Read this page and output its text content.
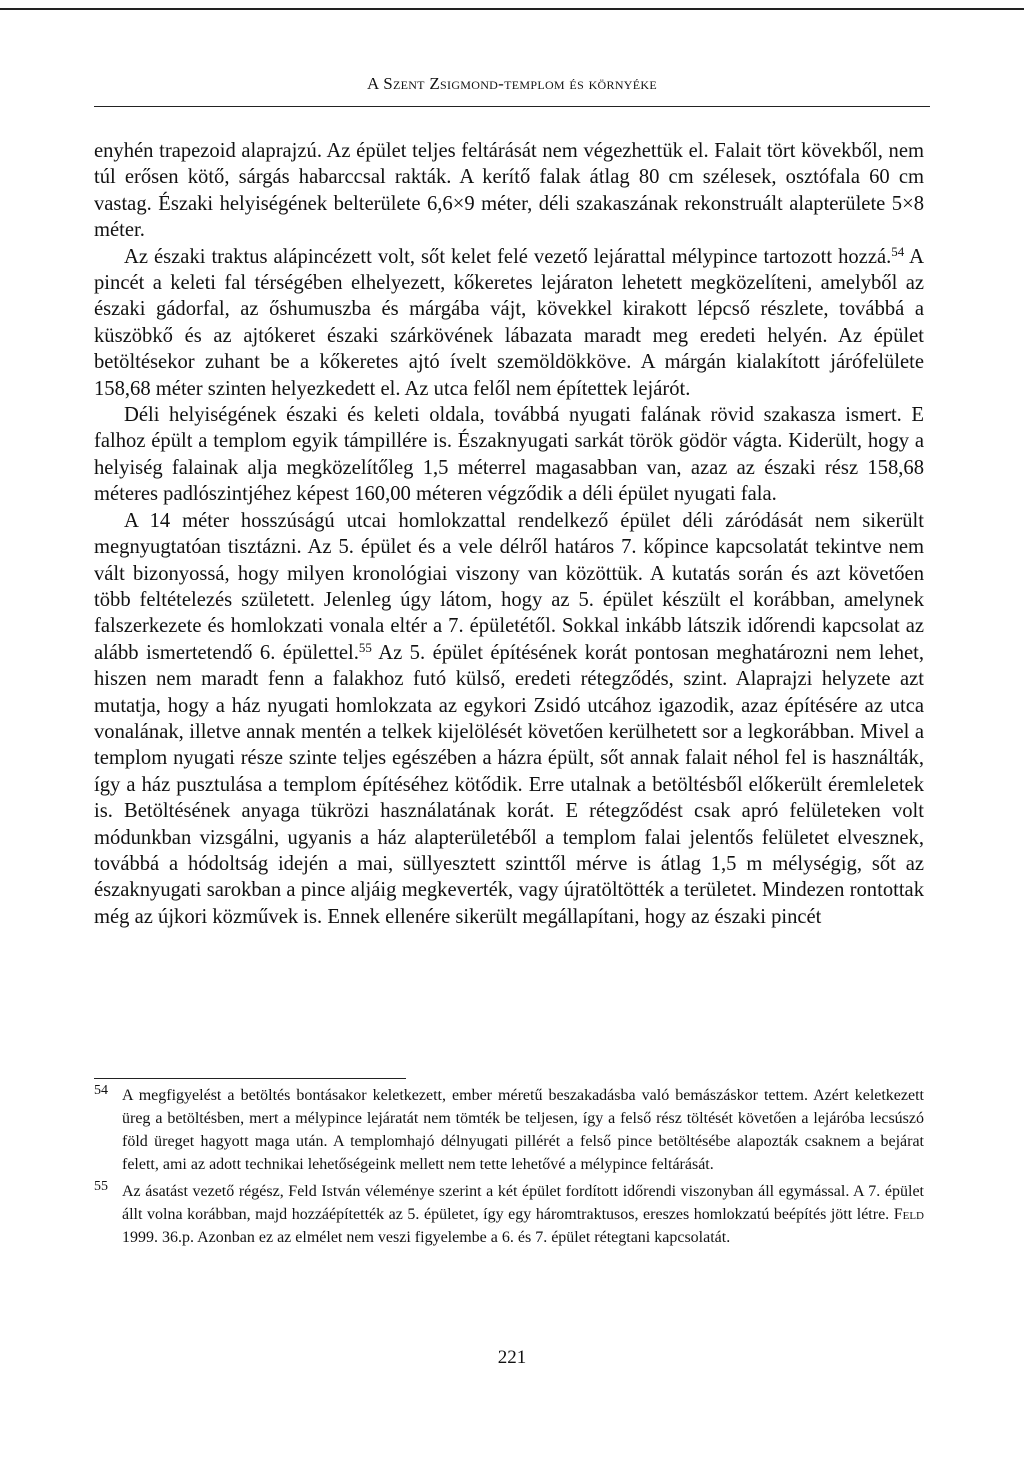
A Szent Zsigmond-templom és környéke

enyhén trapezoid alaprajzú. Az épület teljes feltárását nem végezhettük el. Falait tört kövekből, nem túl erősen kötő, sárgás habarccsal rakták. A kerítő falak átlag 80 cm szélesek, osztófala 60 cm vastag. Északi helyiségének belterülete 6,6×9 méter, déli szakaszának rekonstruált alapterülete 5×8 méter.

Az északi traktus alápincézett volt, sőt kelet felé vezető lejárattal mélypince tartozott hozzá.$^{54}$ A pincét a keleti fal térségében elhelyezett, kőkeretes lejáraton lehetett megközelíteni, amelyből az északi gádorfal, az őshumuszba és márgába vájt, kövekkel kirakott lépcső részlete, továbbá a küszöbkő és az ajtókeret északi szárkövének lábazata maradt meg eredeti helyén. Az épület betöltésekor zuhant be a kőkeretes ajtó ívelt szemöldökköve. A márgán kialakított járófelülete 158,68 méter szinten helyezkedett el. Az utca felől nem építettek lejárót.

Déli helyiségének északi és keleti oldala, továbbá nyugati falának rövid szakasza ismert. E falhoz épült a templom egyik támpillére is. Északnyugati sarkát török gödör vágta. Kiderült, hogy a helyiség falainak alja megközelítőleg 1,5 méterrel magasabban van, azaz az északi rész 158,68 méteres padlószintjéhez képest 160,00 méteren végződik a déli épület nyugati fala.

A 14 méter hosszúságú utcai homlokzattal rendelkező épület déli záródását nem sikerült megnyugtatóan tisztázni. Az 5. épület és a vele délről határos 7. kőpince kapcsolatát tekintve nem vált bizonyossá, hogy milyen kronológiai viszony van közöttük. A kutatás során és azt követően több feltételezés született. Jelenleg úgy látom, hogy az 5. épület készült el korábban, amelynek falszerkezete és homlokzati vonala eltér a 7. épületétől. Sokkal inkább látszik időrendi kapcsolat az alább ismertetendő 6. épülettel.$^{55}$ Az 5. épület építésének korát pontosan meghatározni nem lehet, hiszen nem maradt fenn a falakhoz futó külső, eredeti rétegződés, szint. Alaprajzi helyzete azt mutatja, hogy a ház nyugati homlokzata az egykori Zsidó utcához igazodik, azaz építésére az utca vonalának, illetve annak mentén a telkek kijelölését követően kerülhetett sor a legkorábban. Mivel a templom nyugati része szinte teljes egészében a házra épült, sőt annak falait néhol fel is használták, így a ház pusztulása a templom építéséhez kötődik. Erre utalnak a betöltésből előkerült éremleletek is. Betöltésének anyaga tükrözi használatának korát. E rétegződést csak apró felületeken volt módunkban vizsgálni, ugyanis a ház alapterületéből a templom falai jelentős felületet elvesznek, továbbá a hódoltság idején a mai, süllyesztett szinttől mérve is átlag 1,5 m mélységig, sőt az északnyugati sarokban a pince aljáig megkeverték, vagy újratöltötték a területet. Mindezen rontottak még az újkori közművek is. Ennek ellenére sikerült megállapítani, hogy az északi pincét

54 A megfigyelést a betöltés bontásakor keletkezett, ember méretű beszakadásba való bemászáskor tettem. Azért keletkezett üreg a betöltésben, mert a mélypince lejáratát nem tömték be teljesen, így a felső rész töltését követően a lejáróba lecsúszó föld üreget hagyott maga után. A templomhajó délnyugati pillérét a felső pince betöltésébe alapozták csaknem a bejárat felett, ami az adott technikai lehetőségeink mellett nem tette lehetővé a mélypince feltárását.
55 Az ásatást vezető régész, Feld István véleménye szerint a két épület fordított időrendi viszonyban áll egymással. A 7. épület állt volna korábban, majd hozzáépítették az 5. épületet, így egy háromtraktusos, ereszes homlokzatú beépítés jött létre. Feld 1999. 36.p. Azonban ez az elmélet nem veszi figyelembe a 6. és 7. épület rétegtani kapcsolatát.
221
